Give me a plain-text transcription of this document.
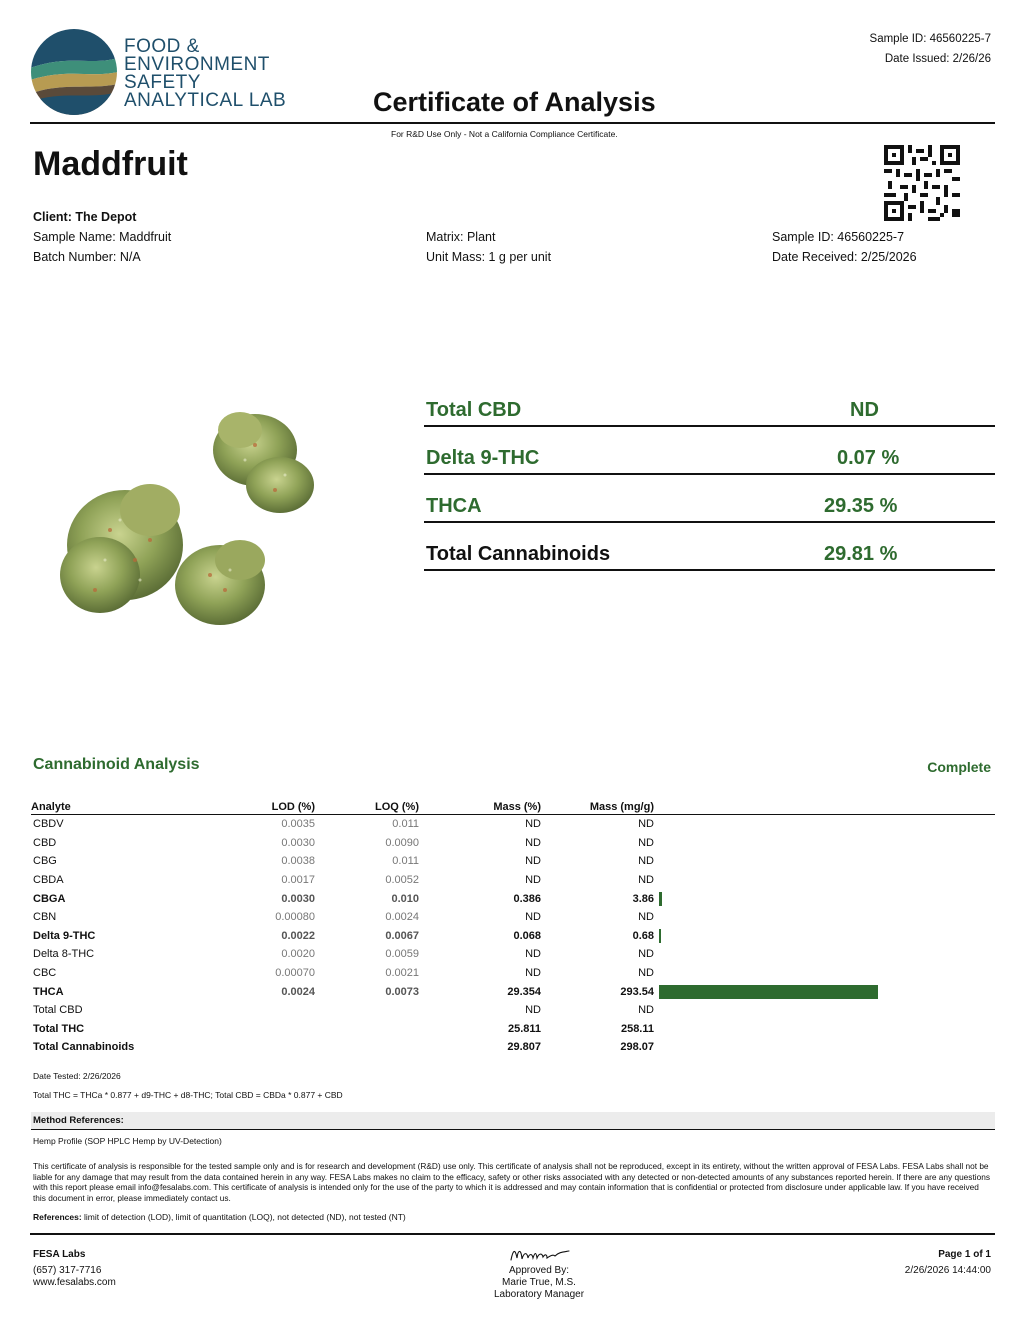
FOOD &
ENVIRONMENT
SAFETY
ANALYTICAL LAB
Sample ID: 46560225-7
Date Issued: 2/26/26
Certificate of Analysis
For R&D Use Only - Not a California Compliance Certificate.
Maddfruit
Client: The Depot
Sample Name: Maddfruit
Batch Number: N/A
Matrix: Plant
Unit Mass: 1 g per unit
Sample ID: 46560225-7
Date Received: 2/25/2026
Total CBD	ND
Delta 9-THC	0.07 %
THCA	29.35 %
Total Cannabinoids	29.81 %
Cannabinoid Analysis	Complete
Analyte	LOD (%)	LOQ (%)	Mass (%)	Mass (mg/g)	
CBDV	0.0035	0.011	ND	ND	
CBD	0.0030	0.0090	ND	ND	
CBG	0.0038	0.011	ND	ND	
CBDA	0.0017	0.0052	ND	ND	
CBGA	0.0030	0.010	0.386	3.86	
CBN	0.00080	0.0024	ND	ND	
Delta 9-THC	0.0022	0.0067	0.068	0.68	
Delta 8-THC	0.0020	0.0059	ND	ND	
CBC	0.00070	0.0021	ND	ND	
THCA	0.0024	0.0073	29.354	293.54	
Total CBD			ND	ND	
Total THC			25.811	258.11	
Total Cannabinoids			29.807	298.07	
Date Tested: 2/26/2026
Total THC = THCa * 0.877 + d9-THC + d8-THC; Total CBD = CBDa * 0.877 + CBD
Method References:
Hemp Profile (SOP HPLC Hemp by UV-Detection)
This certificate of analysis is responsible for the tested sample only and is for research and development (R&D) use only. This certificate of analysis shall not be reproduced, except in its entirety, without the written approval of FESA Labs. FESA Labs shall not be liable for any damage that may result from the data contained herein in any way. FESA Labs makes no claim to the efficacy, safety or other risks associated with any detected or non-detected amounts of any substances reported herein. If there are any questions with this report please email info@fesalabs.com. This certificate of analysis is intended only for the use of the party to which it is addressed and may contain information that is confidential or protected from disclosure under applicable law. If you have received this document in error, please immediately contact us.
References: limit of detection (LOD), limit of quantitation (LOQ), not detected (ND), not tested (NT)
FESA Labs
(657) 317-7716
www.fesalabs.com
Approved By:
Marie True, M.S.
Laboratory Manager
Page 1 of 1
2/26/2026 14:44:00
